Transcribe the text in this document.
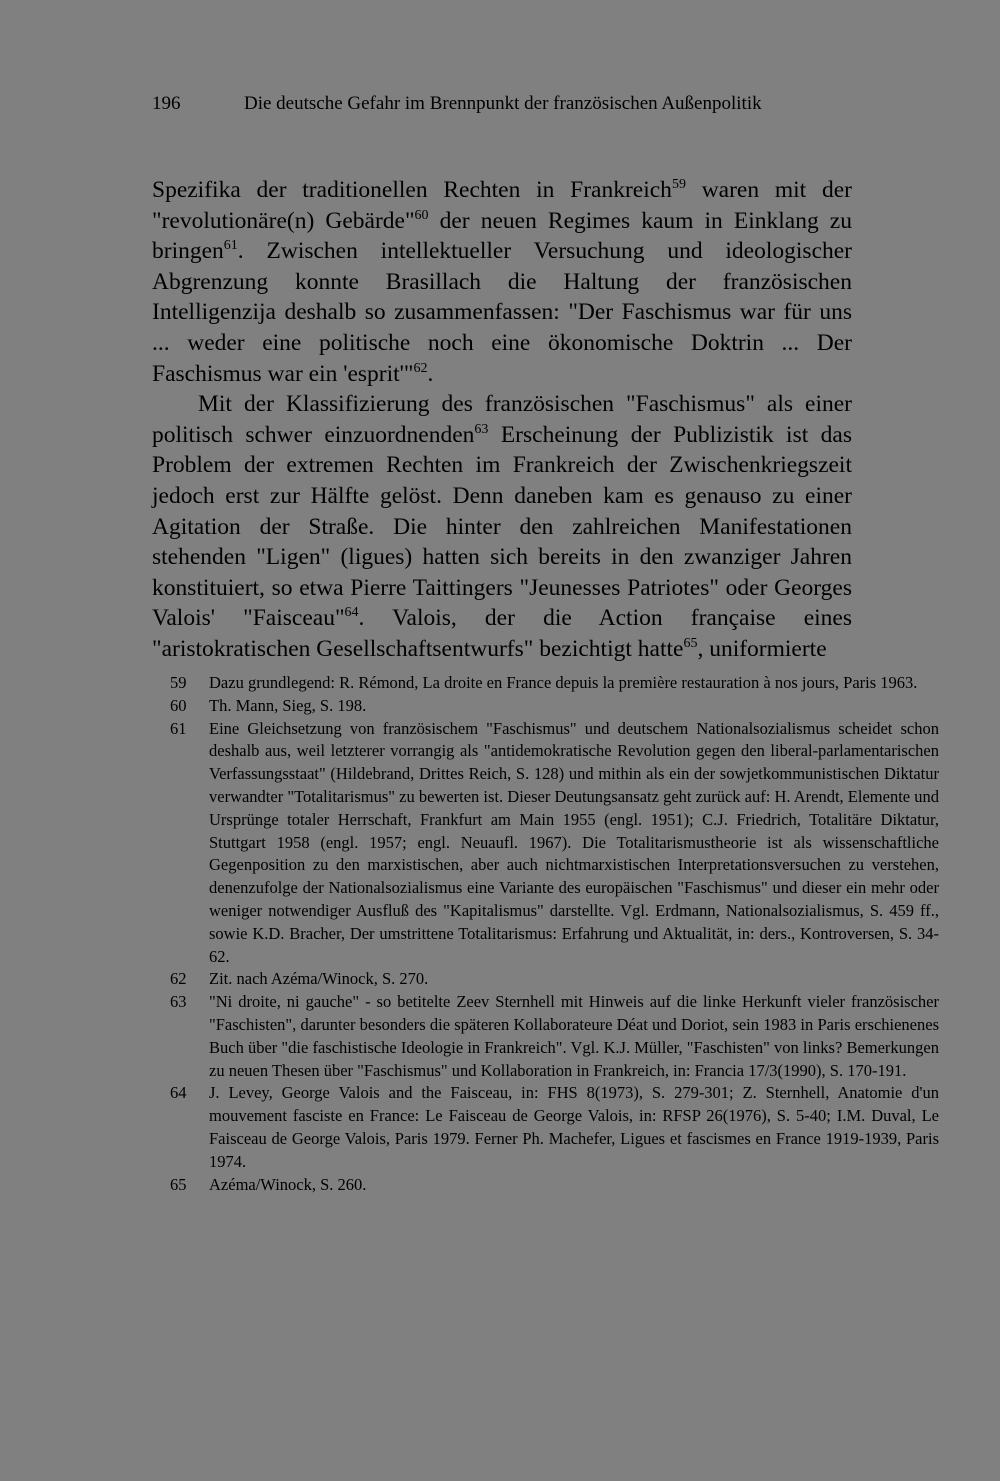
196	Die deutsche Gefahr im Brennpunkt der französischen Außenpolitik

Spezifika der traditionellen Rechten in Frankreich$^{59}$ waren mit der "revolutionäre(n) Gebärde"$^{60}$ der neuen Regimes kaum in Einklang zu bringen$^{61}$. Zwischen intellektueller Versuchung und ideologischer Abgrenzung konnte Brasillach die Haltung der französischen Intelligenzija deshalb so zusammenfassen: "Der Faschismus war für uns ... weder eine politische noch eine ökonomische Doktrin ... Der Faschismus war ein 'esprit'"$^{62}$.

Mit der Klassifizierung des französischen "Faschismus" als einer politisch schwer einzuordnenden$^{63}$ Erscheinung der Publizistik ist das Problem der extremen Rechten im Frankreich der Zwischenkriegszeit jedoch erst zur Hälfte gelöst. Denn daneben kam es genauso zu einer Agitation der Straße. Die hinter den zahlreichen Manifestationen stehenden "Ligen" (ligues) hatten sich bereits in den zwanziger Jahren konstituiert, so etwa Pierre Taittingers "Jeunesses Patriotes" oder Georges Valois' "Faisceau"$^{64}$. Valois, der die Action française eines "aristokratischen Gesellschaftsentwurfs" bezichtigt hatte$^{65}$, uniformierte

59	Dazu grundlegend: R. Rémond, La droite en France depuis la première restauration à nos jours, Paris 1963.
60	Th. Mann, Sieg, S. 198.
61	Eine Gleichsetzung von französischem "Faschismus" und deutschem Nationalsozialismus scheidet schon deshalb aus, weil letzterer vorrangig als "antidemokratische Revolution gegen den liberal-parlamentarischen Verfassungsstaat" (Hildebrand, Drittes Reich, S. 128) und mithin als ein der sowjetkommunistischen Diktatur verwandter "Totalitarismus" zu bewerten ist. Dieser Deutungsansatz geht zurück auf: H. Arendt, Elemente und Ursprünge totaler Herrschaft, Frankfurt am Main 1955 (engl. 1951); C.J. Friedrich, Totalitäre Diktatur, Stuttgart 1958 (engl. 1957; engl. Neuaufl. 1967). Die Totalitarismustheorie ist als wissenschaftliche Gegenposition zu den marxistischen, aber auch nichtmarxistischen Interpretationsversuchen zu verstehen, denenzufolge der Nationalsozialismus eine Variante des europäischen "Faschismus" und dieser ein mehr oder weniger notwendiger Ausfluß des "Kapitalismus" darstellte. Vgl. Erdmann, Nationalsozialismus, S. 459 ff., sowie K.D. Bracher, Der umstrittene Totalitarismus: Erfahrung und Aktualität, in: ders., Kontroversen, S. 34-62.
62	Zit. nach Azéma/Winock, S. 270.
63	"Ni droite, ni gauche" - so betitelte Zeev Sternhell mit Hinweis auf die linke Herkunft vieler französischer "Faschisten", darunter besonders die späteren Kollaborateure Déat und Doriot, sein 1983 in Paris erschienenes Buch über "die faschistische Ideologie in Frankreich". Vgl. K.J. Müller, "Faschisten" von links? Bemerkungen zu neuen Thesen über "Faschismus" und Kollaboration in Frankreich, in: Francia 17/3(1990), S. 170-191.
64	J. Levey, George Valois and the Faisceau, in: FHS 8(1973), S. 279-301; Z. Sternhell, Anatomie d'un mouvement fasciste en France: Le Faisceau de George Valois, in: RFSP 26(1976), S. 5-40; I.M. Duval, Le Faisceau de George Valois, Paris 1979. Ferner Ph. Machefer, Ligues et fascismes en France 1919-1939, Paris 1974.
65	Azéma/Winock, S. 260.
